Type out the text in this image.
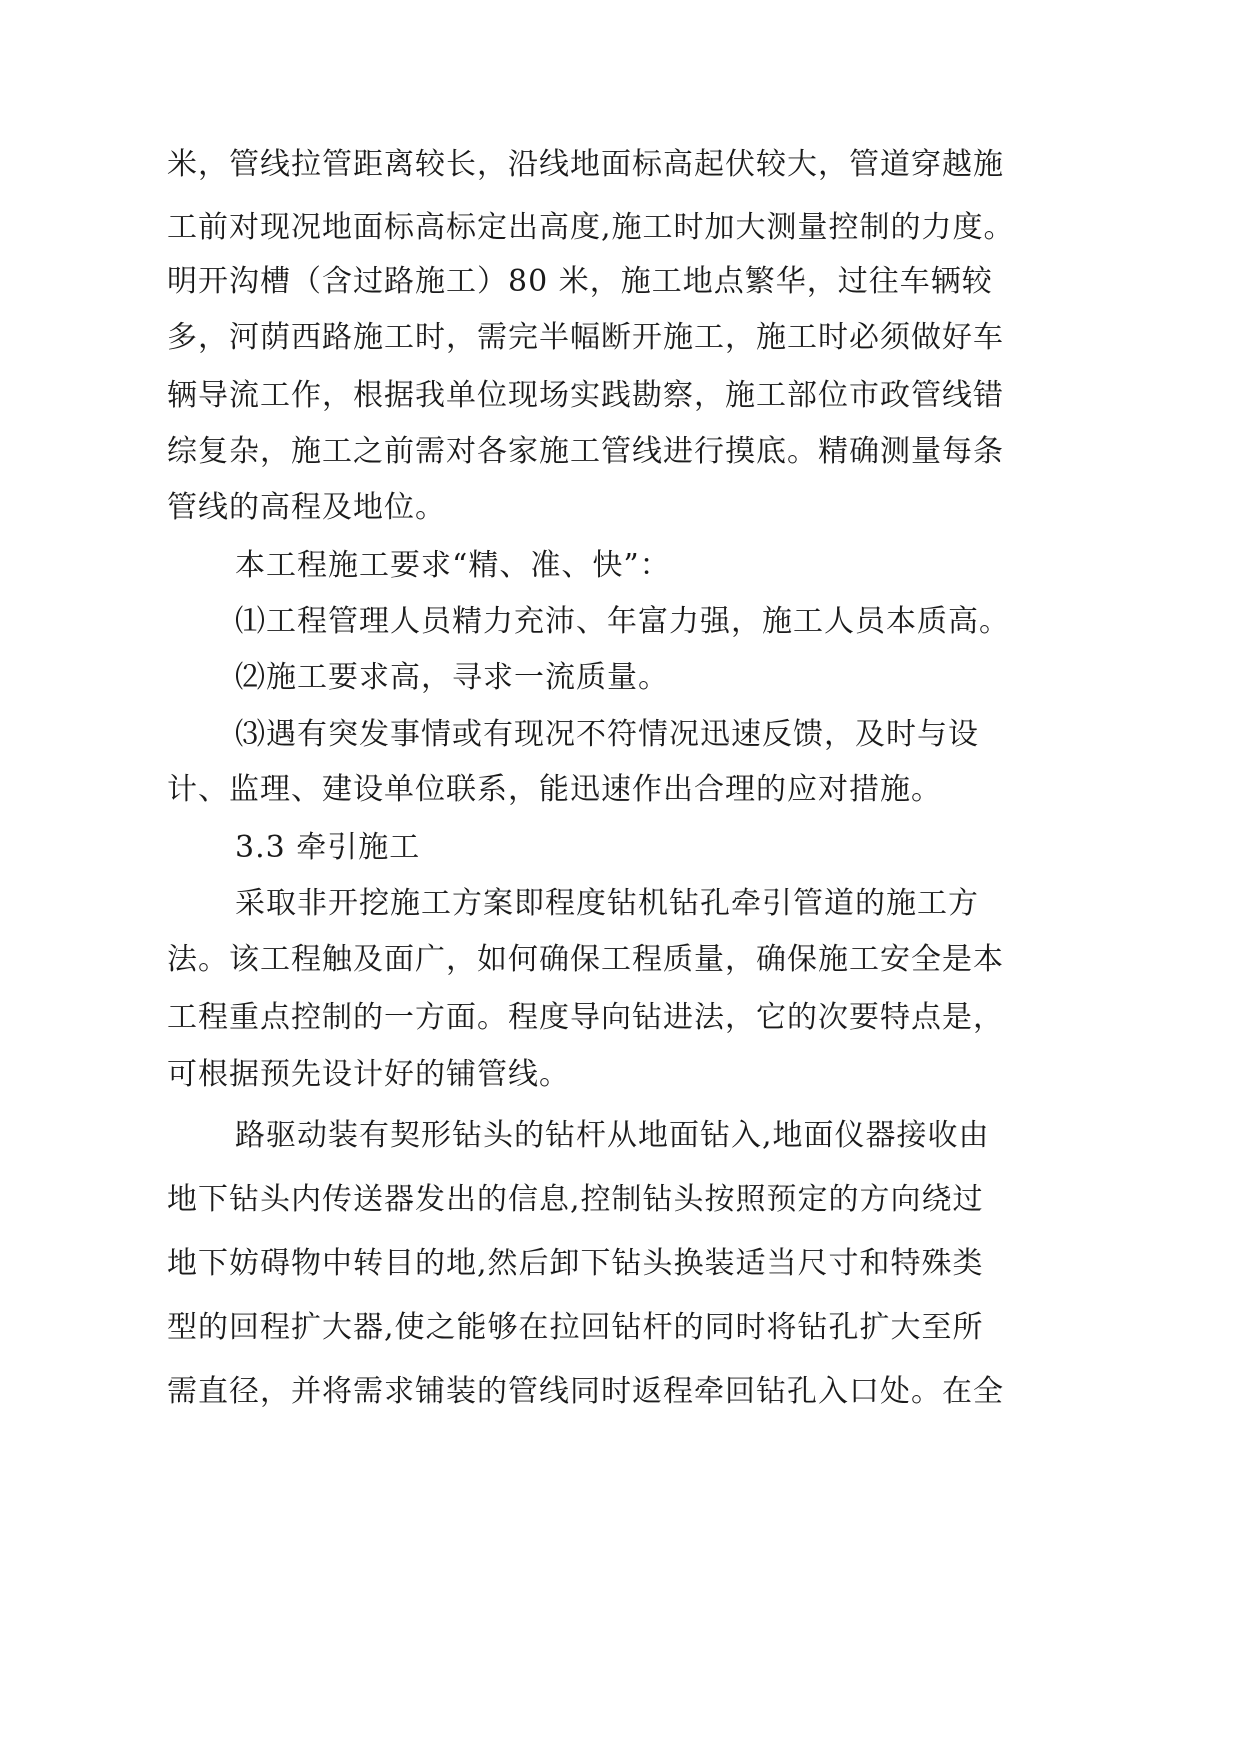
米，管线拉管距离较长，沿线地面标高起伏较大，管道穿越施
工前对现况地面标高标定出高度,施工时加大测量控制的力度。
明开沟槽（含过路施工）80 米，施工地点繁华，过往车辆较
多，河荫西路施工时，需完半幅断开施工，施工时必须做好车
辆导流工作，根据我单位现场实践勘察，施工部位市政管线错
综复杂，施工之前需对各家施工管线进行摸底。精确测量每条
管线的高程及地位。
本工程施工要求“精、准、快”：
⑴工程管理人员精力充沛、年富力强，施工人员本质高。
⑵施工要求高，寻求一流质量。
⑶遇有突发事情或有现况不符情况迅速反馈，及时与设
计、监理、建设单位联系，能迅速作出合理的应对措施。
3.3 牵引施工
采取非开挖施工方案即程度钻机钻孔牵引管道的施工方
法。该工程触及面广，如何确保工程质量，确保施工安全是本
工程重点控制的一方面。程度导向钻进法，它的次要特点是，
可根据预先设计好的铺管线。
路驱动装有契形钻头的钻杆从地面钻入,地面仪器接收由
地下钻头内传送器发出的信息,控制钻头按照预定的方向绕过
地下妨碍物中转目的地,然后卸下钻头换装适当尺寸和特殊类
型的回程扩大器,使之能够在拉回钻杆的同时将钻孔扩大至所
需直径，并将需求铺装的管线同时返程牵回钻孔入口处。在全
